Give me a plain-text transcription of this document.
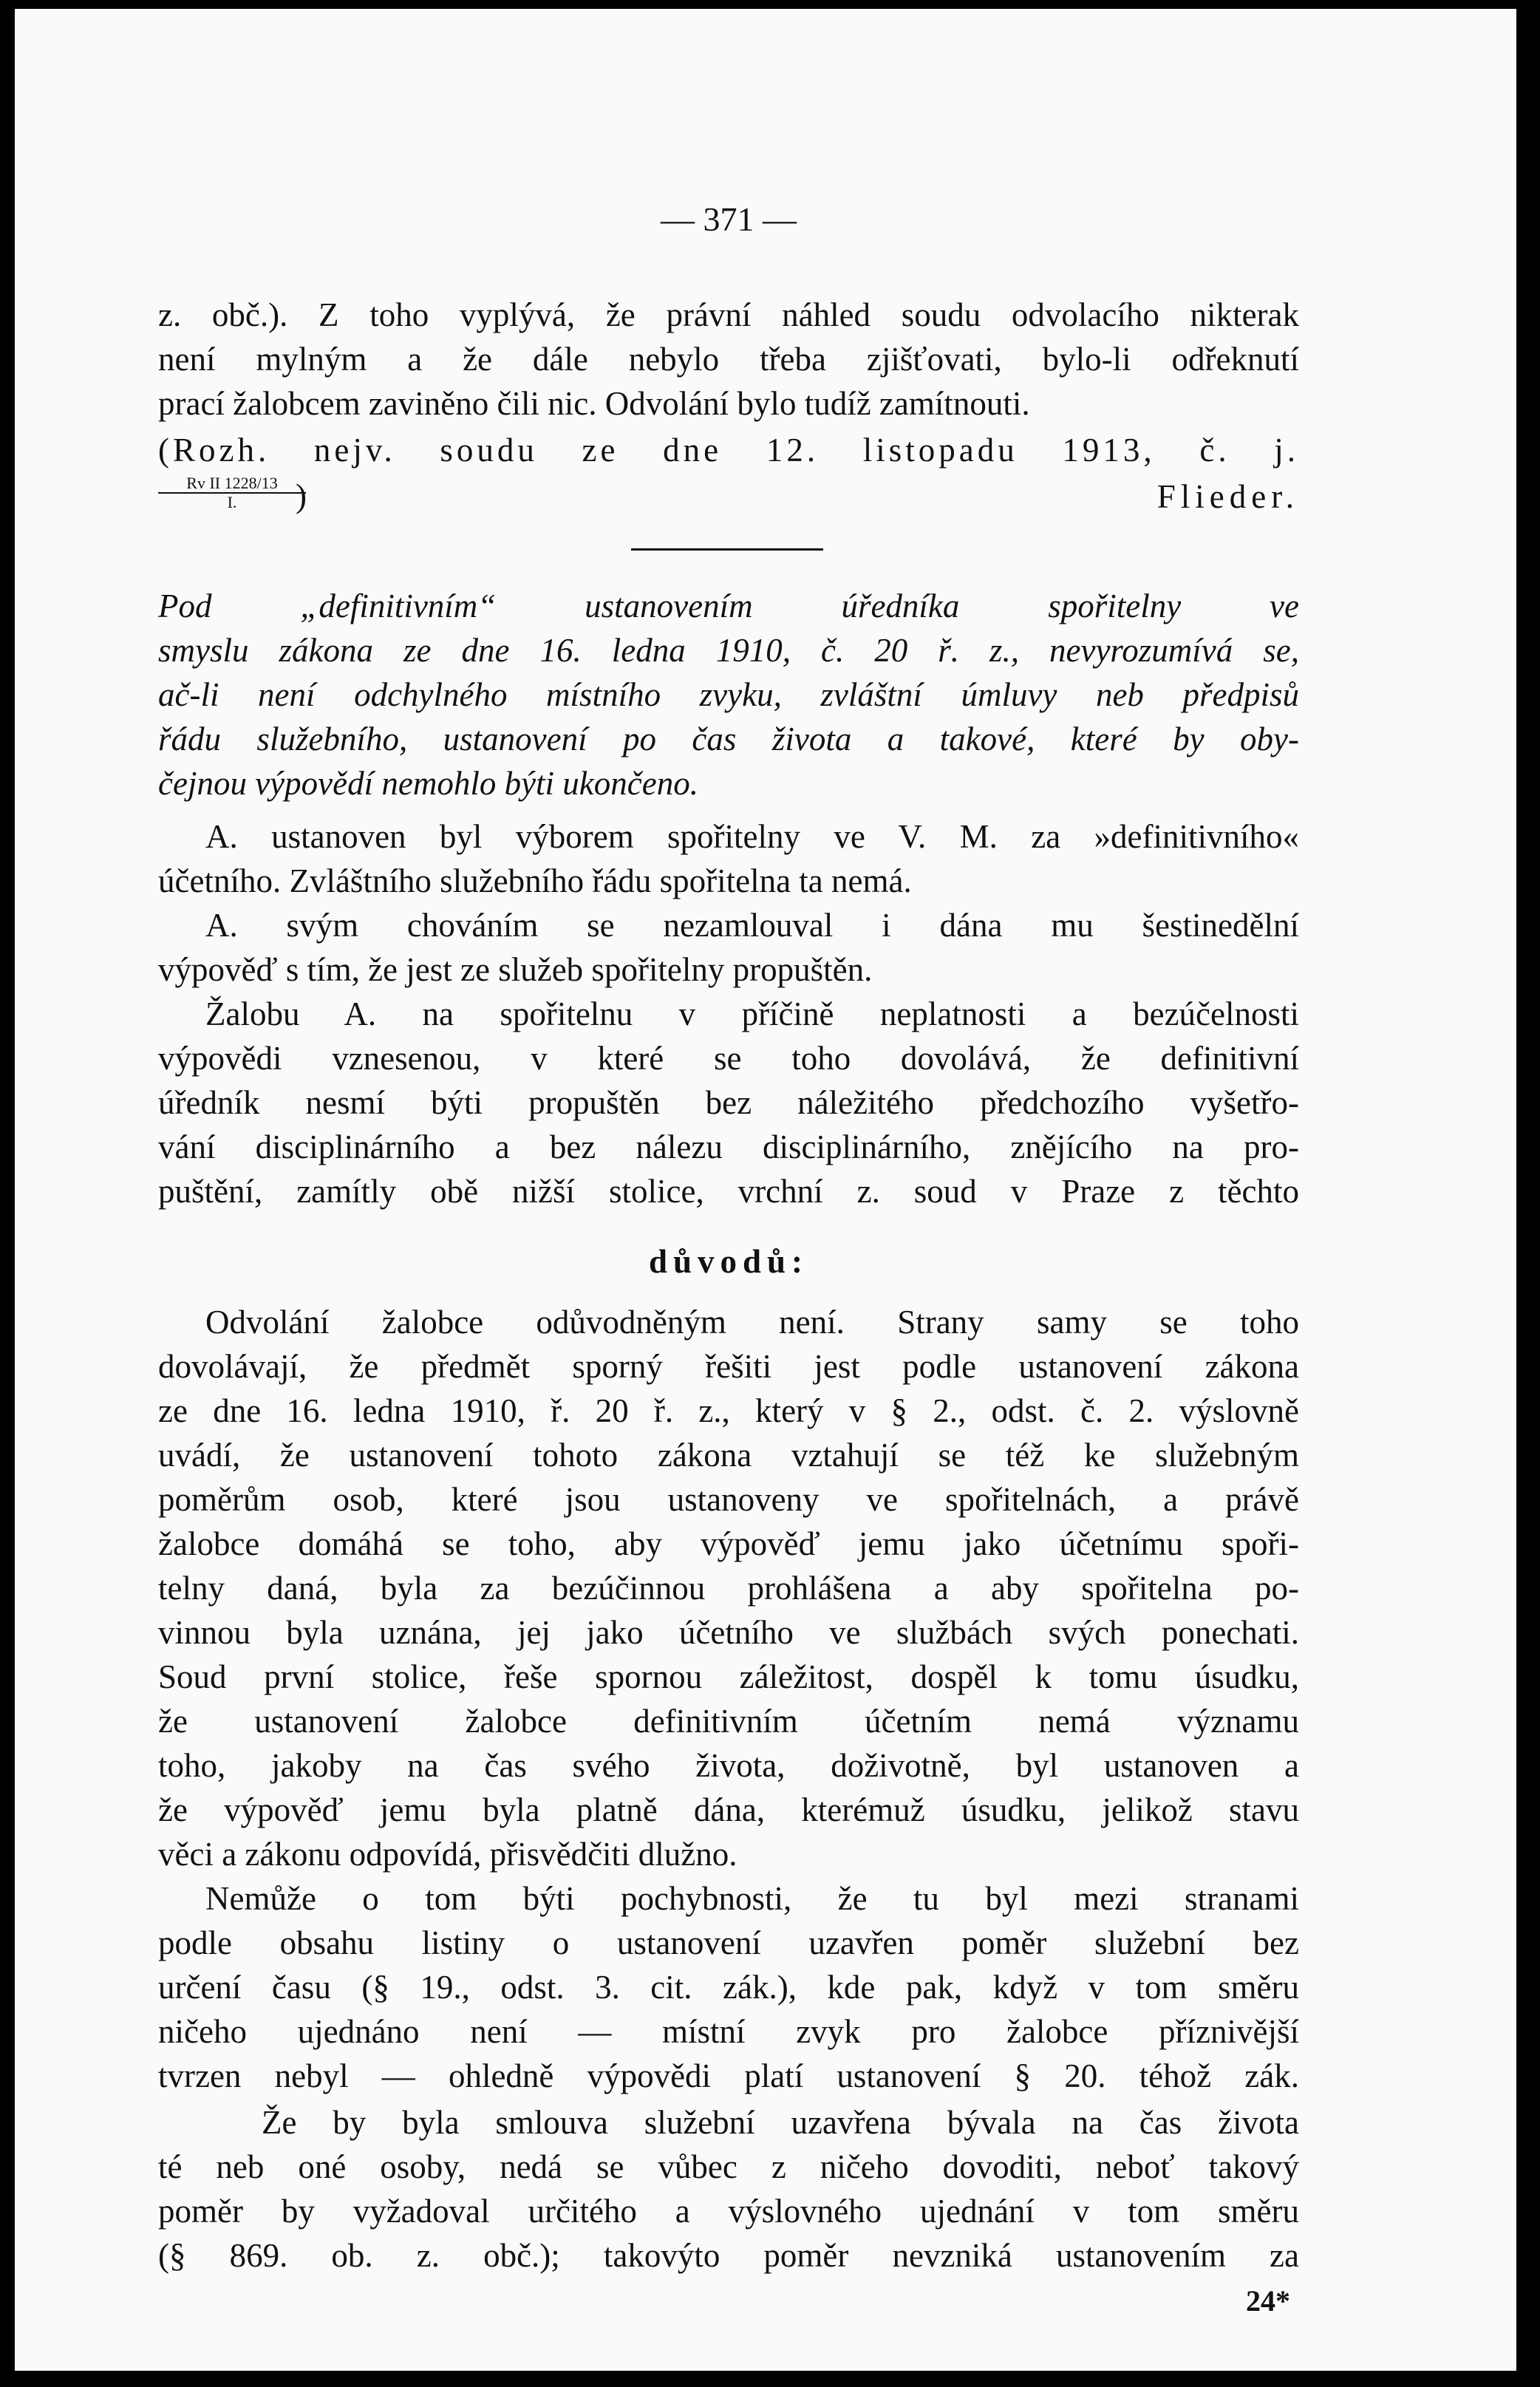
— 371 —
z. obč.). Z toho vyplývá, že právní náhled soudu odvolacího nikterak
není mylným a že dále nebylo třeba zjišťovati, bylo-li odřeknutí
prací žalobcem zaviněno čili nic. Odvolání bylo tudíž zamítnouti.
(Rozh. nejv. soudu ze dne 12. listopadu 1913, č. j.
Rv II 1228/13
I.	)	Flieder.
Pod „definitivním“ ustanovením úředníka spořitelny ve
smyslu zákona ze dne 16. ledna 1910, č. 20 ř. z., nevyrozumívá se,
ač-li není odchylného místního zvyku, zvláštní úmluvy neb předpisů
řádu služebního, ustanovení po čas života a takové, které by oby-
čejnou výpovědí nemohlo býti ukončeno.
A. ustanoven byl výborem spořitelny ve V. M. za »definitivního«
účetního. Zvláštního služebního řádu spořitelna ta nemá.
A. svým chováním se nezamlouval i dána mu šestinedělní
výpověď s tím, že jest ze služeb spořitelny propuštěn.
Žalobu A. na spořitelnu v příčině neplatnosti a bezúčelnosti
výpovědi vznesenou, v které se toho dovolává, že definitivní
úředník nesmí býti propuštěn bez náležitého předchozího vyšetřo-
vání disciplinárního a bez nálezu disciplinárního, znějícího na pro-
puštění, zamítly obě nižší stolice, vrchní z. soud v Praze z těchto
důvodů:
Odvolání žalobce odůvodněným není. Strany samy se toho
dovolávají, že předmět sporný řešiti jest podle ustanovení zákona
ze dne 16. ledna 1910, ř. 20 ř. z., který v § 2., odst. č. 2. výslovně
uvádí, že ustanovení tohoto zákona vztahují se též ke služebným
poměrům osob, které jsou ustanoveny ve spořitelnách, a právě
žalobce domáhá se toho, aby výpověď jemu jako účetnímu spoři-
telny daná, byla za bezúčinnou prohlášena a aby spořitelna po-
vinnou byla uznána, jej jako účetního ve službách svých ponechati.
Soud první stolice, řeše spornou záležitost, dospěl k tomu úsudku,
že ustanovení žalobce definitivním účetním nemá významu
toho, jakoby na čas svého života, doživotně, byl ustanoven a
že výpověď jemu byla platně dána, kterémuž úsudku, jelikož stavu
věci a zákonu odpovídá, přisvědčiti dlužno.
Nemůže o tom býti pochybnosti, že tu byl mezi stranami
podle obsahu listiny o ustanovení uzavřen poměr služební bez
určení času (§ 19., odst. 3. cit. zák.), kde pak, když v tom směru
ničeho ujednáno není — místní zvyk pro žalobce příznivější
tvrzen nebyl — ohledně výpovědi platí ustanovení § 20. téhož zák.
Že by byla smlouva služební uzavřena bývala na čas života
té neb oné osoby, nedá se vůbec z ničeho dovoditi, neboť takový
poměr by vyžadoval určitého a výslovného ujednání v tom směru
(§ 869. ob. z. obč.); takovýto poměr nevzniká ustanovením za
24*
